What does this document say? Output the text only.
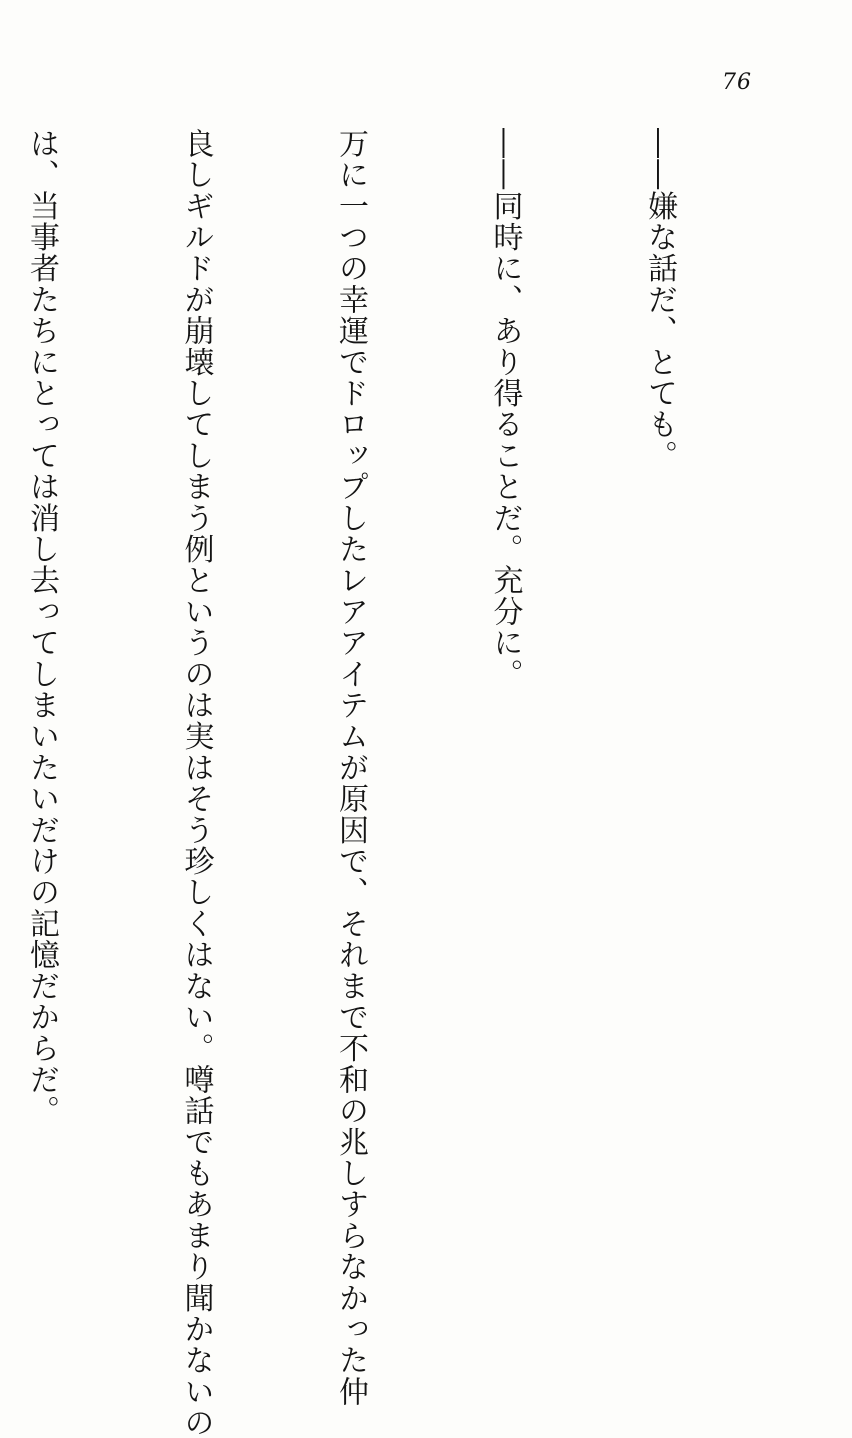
76

――嫌な話だ、とても。

――同時に、あり得ることだ。充分に。

万に一つの幸運でドロップしたレアアイテムが原因で、それまで不和の兆しすらなかった仲

良しギルドが崩壊してしまう例というのは実はそう珍しくはない。噂話でもあまり聞かないの

は、当事者たちにとっては消し去ってしまいたいだけの記憶だからだ。
